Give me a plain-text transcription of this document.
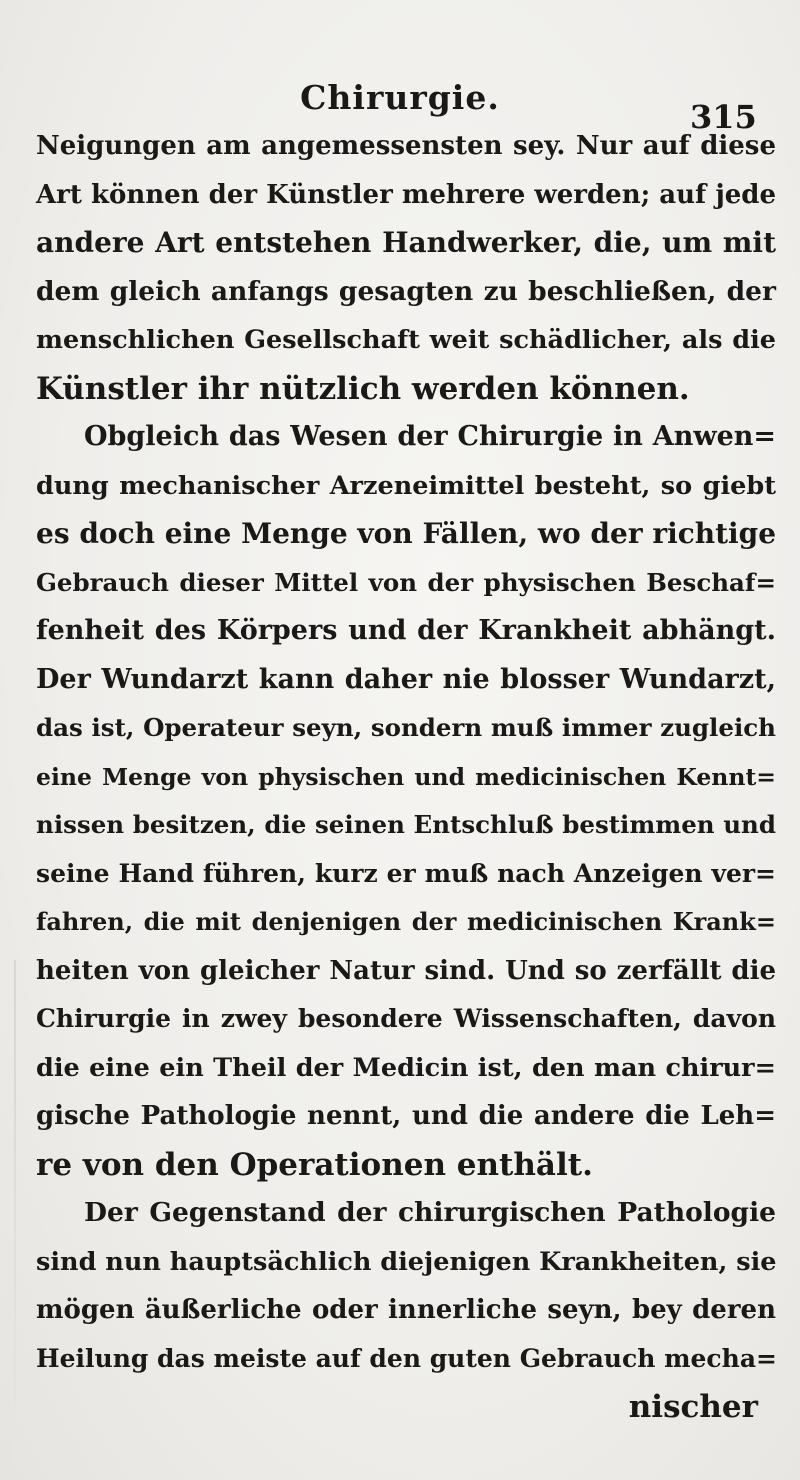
Chirurgie.	315
Neigungen am angemessensten sey. Nur auf diese
Art können der Künstler mehrere werden; auf jede
andere Art entstehen Handwerker, die, um mit
dem gleich anfangs gesagten zu beschließen, der
menschlichen Gesellschaft weit schädlicher, als die
Künstler ihr nützlich werden können.
Obgleich das Wesen der Chirurgie in Anwen=
dung mechanischer Arzeneimittel besteht, so giebt
es doch eine Menge von Fällen, wo der richtige
Gebrauch dieser Mittel von der physischen Beschaf=
fenheit des Körpers und der Krankheit abhängt.
Der Wundarzt kann daher nie blosser Wundarzt,
das ist, Operateur seyn, sondern muß immer zugleich
eine Menge von physischen und medicinischen Kennt=
nissen besitzen, die seinen Entschluß bestimmen und
seine Hand führen, kurz er muß nach Anzeigen ver=
fahren, die mit denjenigen der medicinischen Krank=
heiten von gleicher Natur sind. Und so zerfällt die
Chirurgie in zwey besondere Wissenschaften, davon
die eine ein Theil der Medicin ist, den man chirur=
gische Pathologie nennt, und die andere die Leh=
re von den Operationen enthält.
Der Gegenstand der chirurgischen Pathologie
sind nun hauptsächlich diejenigen Krankheiten, sie
mögen äußerliche oder innerliche seyn, bey deren
Heilung das meiste auf den guten Gebrauch mecha=
nischer
